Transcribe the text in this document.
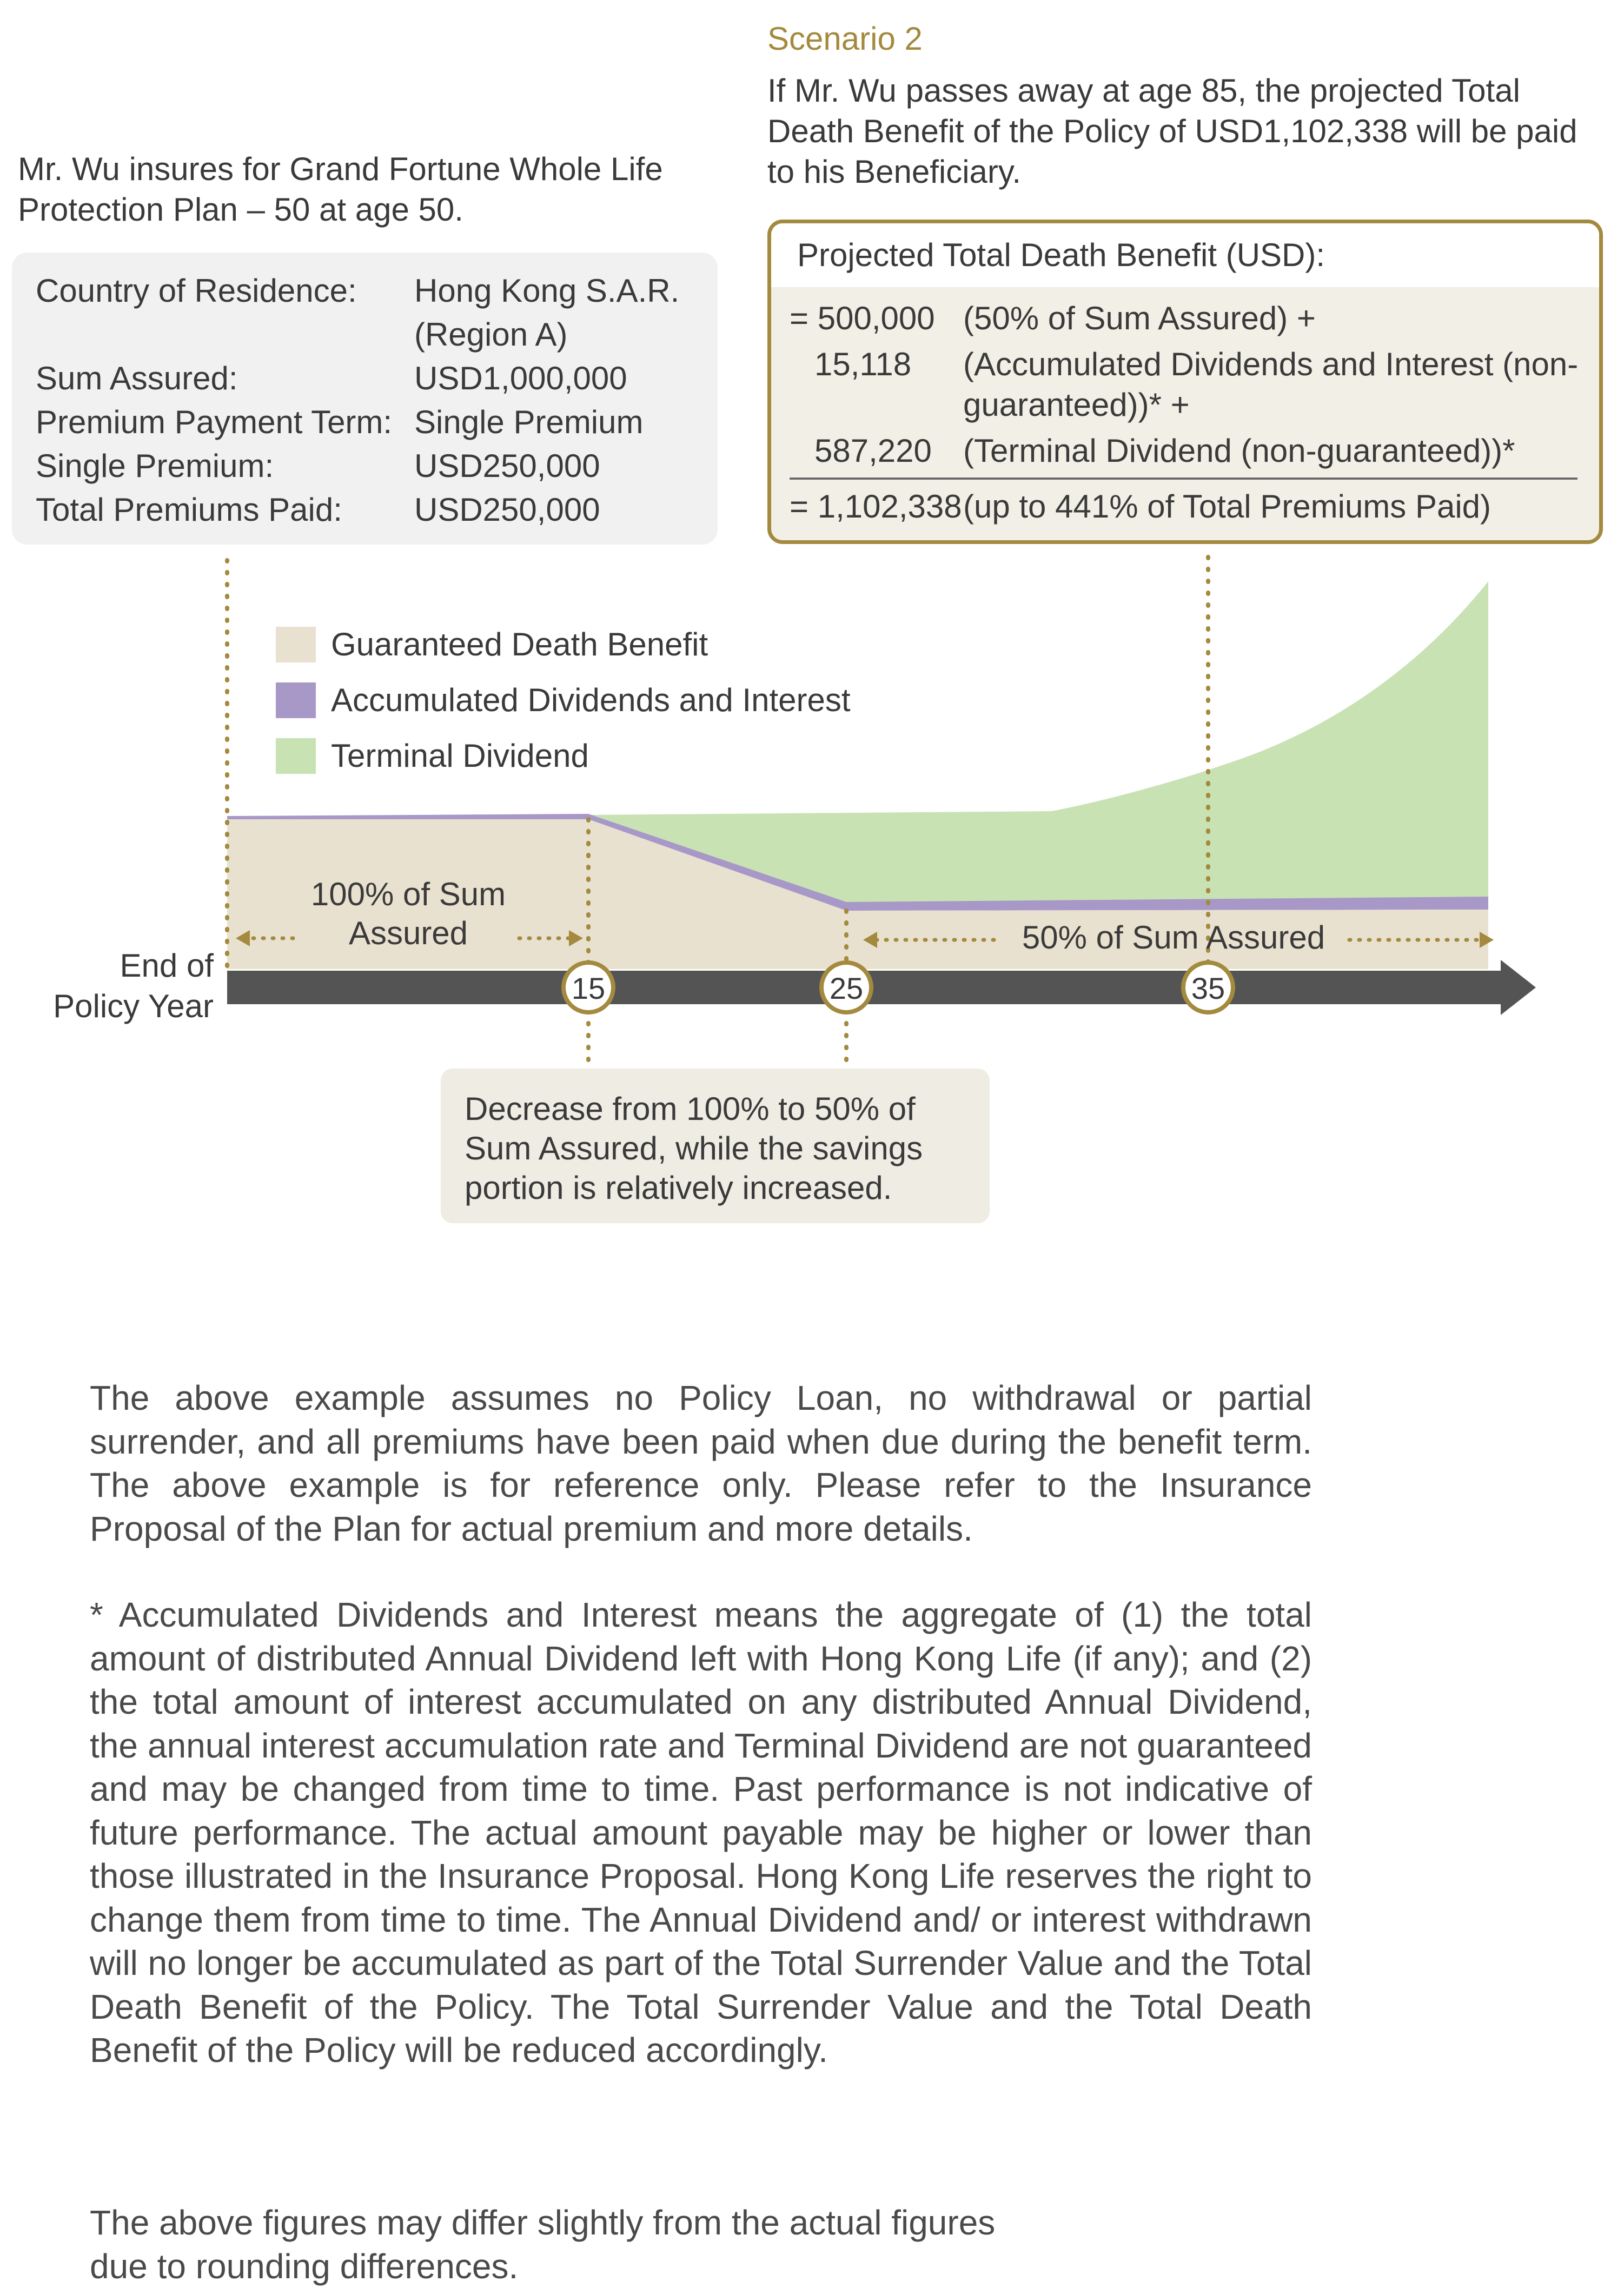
Scenario 2
If Mr. Wu passes away at age 85, the projected Total Death Benefit of the Policy of USD1,102,338 will be paid to his Beneficiary.
Mr. Wu insures for Grand Fortune Whole Life Protection Plan – 50 at age 50.
Country of Residence:	Hong Kong S.A.R. (Region A)
Sum Assured:	USD1,000,000
Premium Payment Term: Single Premium
Single Premium:	USD250,000
Total Premiums Paid:	USD250,000
Projected Total Death Benefit (USD):
= 500,000 (50% of Sum Assured) +
15,118	(Accumulated Dividends and Interest (non-guaranteed))* +
587,220 (Terminal Dividend (non-guaranteed))*
= 1,102,338 (up to 441% of Total Premiums Paid)
Guaranteed Death Benefit
Accumulated Dividends and Interest
Terminal Dividend
15	25	35
100% of Sum Assured	50% of Sum Assured
End of Policy Year
Decrease from 100% to 50% of Sum Assured, while the savings portion is relatively increased.

The above example assumes no Policy Loan, no withdrawal or partial surrender, and all premiums have been paid when due during the benefit term. The above example is for reference only. Please refer to the Insurance Proposal of the Plan for actual premium and more details.

* Accumulated Dividends and Interest means the aggregate of (1) the total amount of distributed Annual Dividend left with Hong Kong Life (if any); and (2) the total amount of interest accumulated on any distributed Annual Dividend, the annual interest accumulation rate and Terminal Dividend are not guaranteed and may be changed from time to time. Past performance is not indicative of future performance. The actual amount payable may be higher or lower than those illustrated in the Insurance Proposal. Hong Kong Life reserves the right to change them from time to time. The Annual Dividend and/ or interest withdrawn will no longer be accumulated as part of the Total Surrender Value and the Total Death Benefit of the Policy. The Total Surrender Value and the Total Death Benefit of the Policy will be reduced accordingly.

The above figures may differ slightly from the actual figures due to rounding differences.
